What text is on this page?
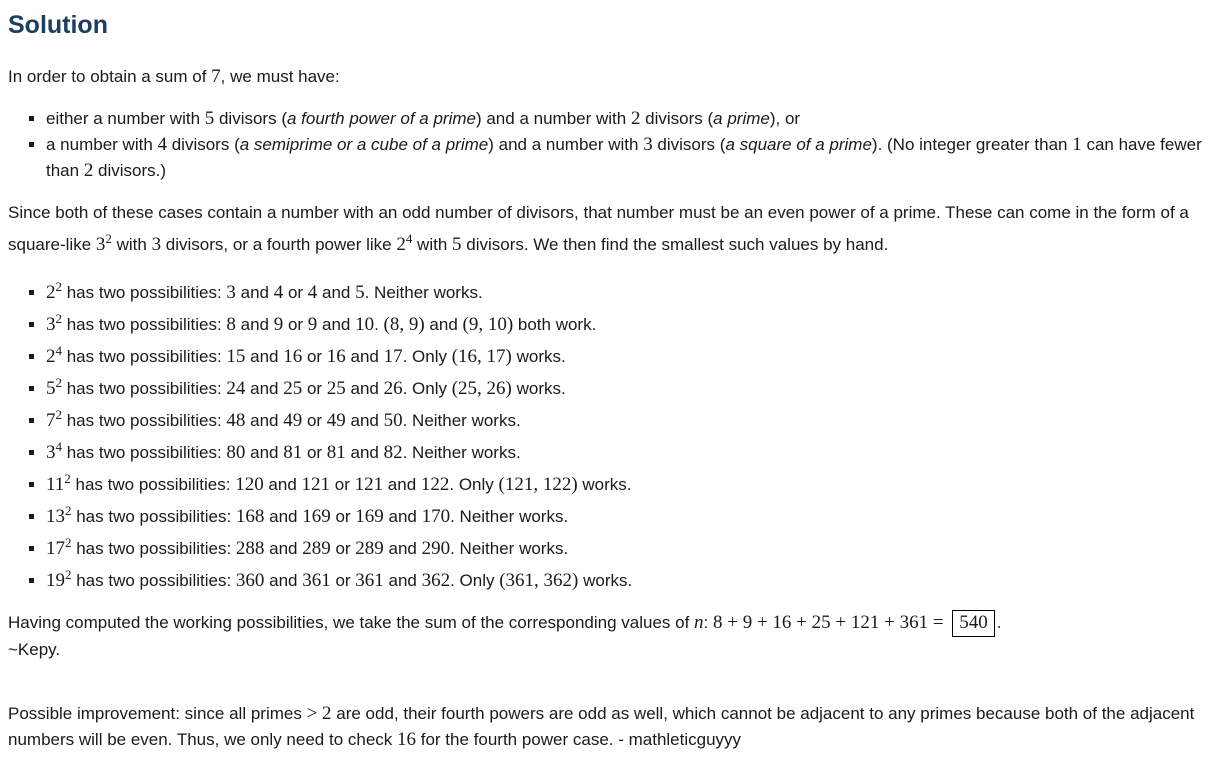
Solution

In order to obtain a sum of 7, we must have:

▪ either a number with 5 divisors (a fourth power of a prime) and a number with 2 divisors (a prime), or
▪ a number with 4 divisors (a semiprime or a cube of a prime) and a number with 3 divisors (a square of a prime). (No integer greater than 1 can have fewer than 2 divisors.)

Since both of these cases contain a number with an odd number of divisors, that number must be an even power of a prime. These can come in the form of a square-like $3^2$ with 3 divisors, or a fourth power like $2^4$ with 5 divisors. We then find the smallest such values by hand.

▪ $2^2$ has two possibilities: 3 and 4 or 4 and 5. Neither works.
▪ $3^2$ has two possibilities: 8 and 9 or 9 and 10. (8, 9) and (9, 10) both work.
▪ $2^4$ has two possibilities: 15 and 16 or 16 and 17. Only (16, 17) works.
▪ $5^2$ has two possibilities: 24 and 25 or 25 and 26. Only (25, 26) works.
▪ $7^2$ has two possibilities: 48 and 49 or 49 and 50. Neither works.
▪ $3^4$ has two possibilities: 80 and 81 or 81 and 82. Neither works.
▪ $11^2$ has two possibilities: 120 and 121 or 121 and 122. Only (121, 122) works.
▪ $13^2$ has two possibilities: 168 and 169 or 169 and 170. Neither works.
▪ $17^2$ has two possibilities: 288 and 289 or 289 and 290. Neither works.
▪ $19^2$ has two possibilities: 360 and 361 or 361 and 362. Only (361, 362) works.

Having computed the working possibilities, we take the sum of the corresponding values of n: 8 + 9 + 16 + 25 + 121 + 361 = 540 .
~Kepy.

Possible improvement: since all primes > 2 are odd, their fourth powers are odd as well, which cannot be adjacent to any primes because both of the adjacent numbers will be even. Thus, we only need to check 16 for the fourth power case. - mathleticguyyy
